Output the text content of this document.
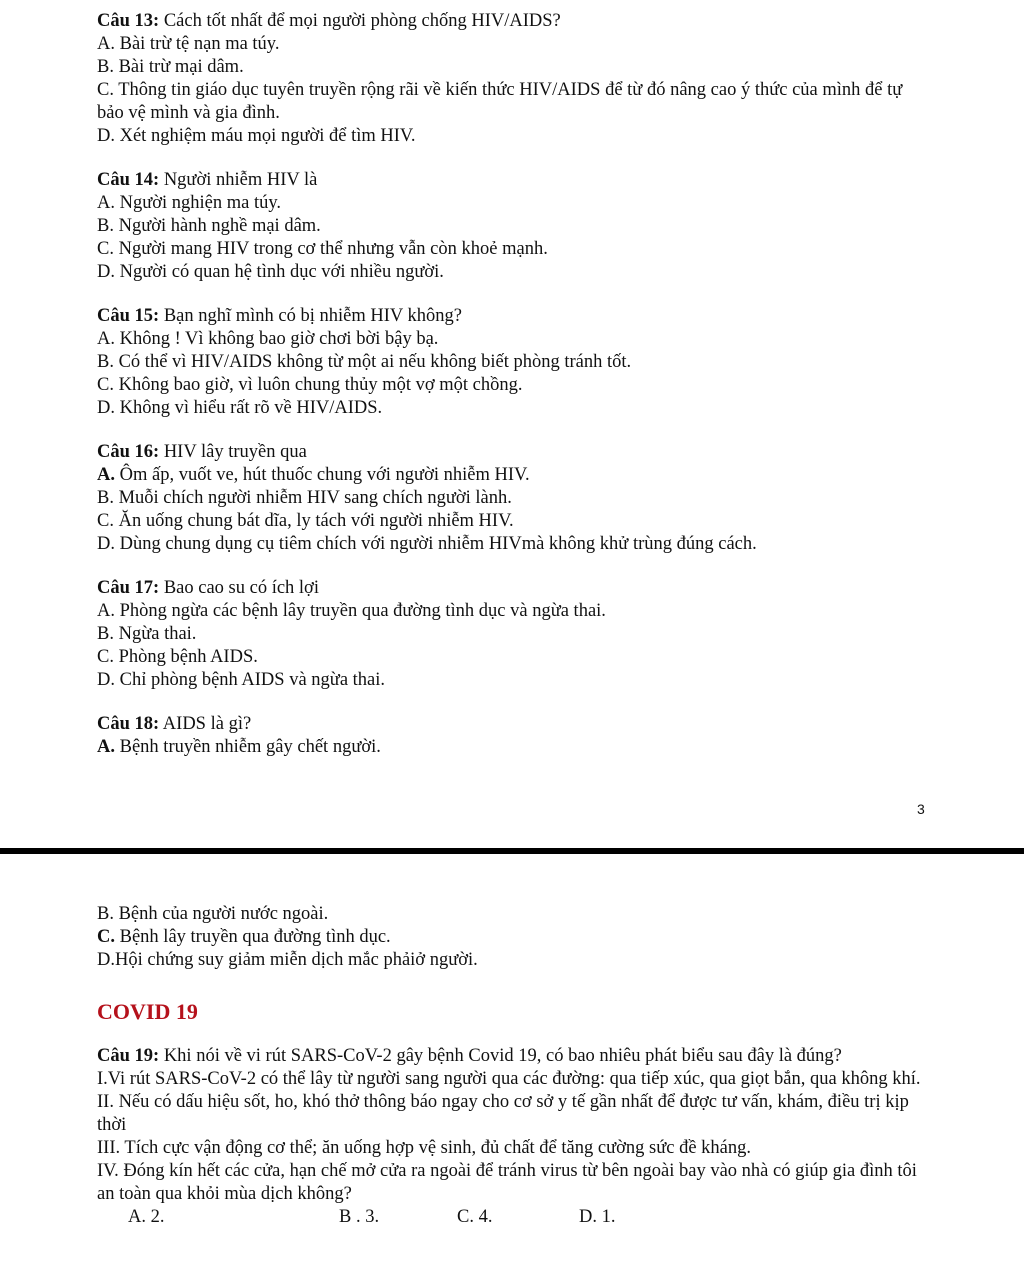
Câu 13: Cách tốt nhất để mọi người phòng chống HIV/AIDS?

A. Bài trừ tệ nạn ma túy.

B. Bài trừ mại dâm.

C. Thông tin giáo dục tuyên truyền rộng rãi về kiến thức HIV/AIDS để từ đó nâng cao ý thức của mình để tự bảo vệ mình và gia đình.

D. Xét nghiệm máu mọi người để tìm HIV.

Câu 14: Người nhiễm HIV là

A. Người nghiện ma túy.

B. Người hành nghề mại dâm.

C. Người mang HIV trong cơ thể nhưng vẫn còn khoẻ mạnh.

D. Người có quan hệ tình dục với nhiều người.

Câu 15: Bạn nghĩ mình có bị nhiễm HIV không?

A. Không ! Vì không bao giờ chơi bời bậy bạ.

B. Có thể vì HIV/AIDS không từ một ai nếu không biết phòng tránh tốt.

C. Không bao giờ, vì luôn chung thủy một vợ một chồng.

D. Không vì hiểu rất rõ về HIV/AIDS.

Câu 16: HIV lây truyền qua

A. Ôm ấp, vuốt ve, hút thuốc chung với người nhiễm HIV.

B. Muỗi chích người nhiễm HIV sang chích người lành.

C. Ăn uống chung bát dĩa, ly tách với người nhiễm HIV.

D. Dùng chung dụng cụ tiêm chích với người nhiễm HIVmà không khử trùng đúng cách.

Câu 17: Bao cao su có ích lợi

A. Phòng ngừa các bệnh lây truyền qua đường tình dục và ngừa thai.

B. Ngừa thai.

C. Phòng bệnh AIDS.

D. Chỉ phòng bệnh AIDS và ngừa thai.

Câu 18: AIDS là gì?

A. Bệnh truyền nhiễm gây chết người.

3

B. Bệnh của người nước ngoài.

C. Bệnh lây truyền qua đường tình dục.

D.Hội chứng suy giảm miễn dịch mắc phảiở người.

COVID 19
Câu 19: Khi nói về vi rút SARS-CoV-2 gây bệnh Covid 19, có bao nhiêu phát biểu sau đây là đúng?

I.Vi rút SARS-CoV-2 có thể lây từ người sang người qua các đường: qua tiếp xúc, qua giọt bắn, qua không khí.

II. Nếu có dấu hiệu sốt, ho, khó thở thông báo ngay cho cơ sở y tế gần nhất để được tư vấn, khám, điều trị kịp thời

III. Tích cực vận động cơ thể; ăn uống hợp vệ sinh, đủ chất để tăng cường sức đề kháng.

IV. Đóng kín hết các cửa, hạn chế mở cửa ra ngoài để tránh virus từ bên ngoài bay vào nhà có giúp gia đình tôi an toàn qua khỏi mùa dịch không?

A. 2.	B . 3.	C. 4.	D. 1.
